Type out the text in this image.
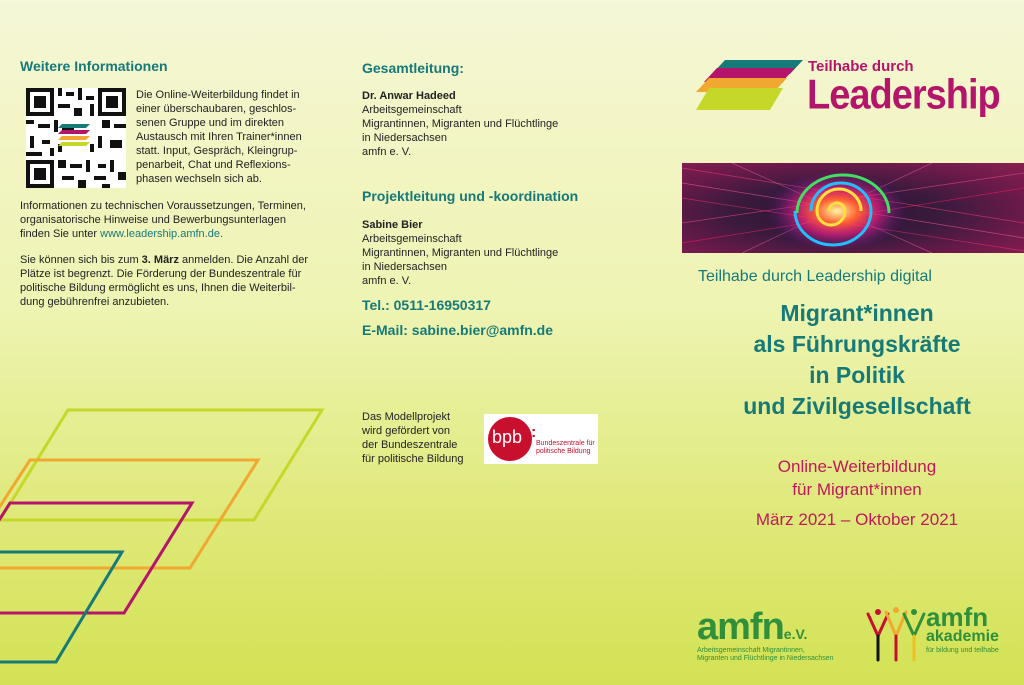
Weitere Informationen
Die Online-Weiterbildung findet in
einer überschaubaren, geschlos-
senen Gruppe und im direkten
Austausch mit Ihren Trainer*innen
statt. Input, Gespräch, Kleingrup-
penarbeit, Chat und Reflexions-
phasen wechseln sich ab.
Informationen zu technischen Voraussetzungen, Terminen,
organisatorische Hinweise und Bewerbungsunterlagen
finden Sie unter www.leadership.amfn.de.
Sie können sich bis zum 3. März anmelden. Die Anzahl der
Plätze ist begrenzt. Die Förderung der Bundeszentrale für
politische Bildung ermöglicht es uns, Ihnen die Weiterbil-
dung gebührenfrei anzubieten.
Gesamtleitung:
Dr. Anwar Hadeed
Arbeitsgemeinschaft
Migrantinnen, Migranten und Flüchtlinge
in Niedersachsen
amfn e. V.
Projektleitung und -koordination
Sabine Bier
Arbeitsgemeinschaft
Migrantinnen, Migranten und Flüchtlinge
in Niedersachsen
amfn e. V.
Tel.: 0511-16950317
E-Mail: sabine.bier@amfn.de
Das Modellprojekt
wird gefördert von
der Bundeszentrale
für politische Bildung
bpb :
Bundeszentrale für
politische Bildung
Teilhabe durch
Leadership
Teilhabe durch Leadership digital
Migrant*innen
als Führungskräfte
in Politik
und Zivilgesellschaft
Online-Weiterbildung
für Migrant*innen
März 2021 – Oktober 2021
amfne.V.
Arbeitsgemeinschaft Migrantinnen,
Migranten und Flüchtlinge in Niedersachsen
amfn
akademie
für bildung und teilhabe
